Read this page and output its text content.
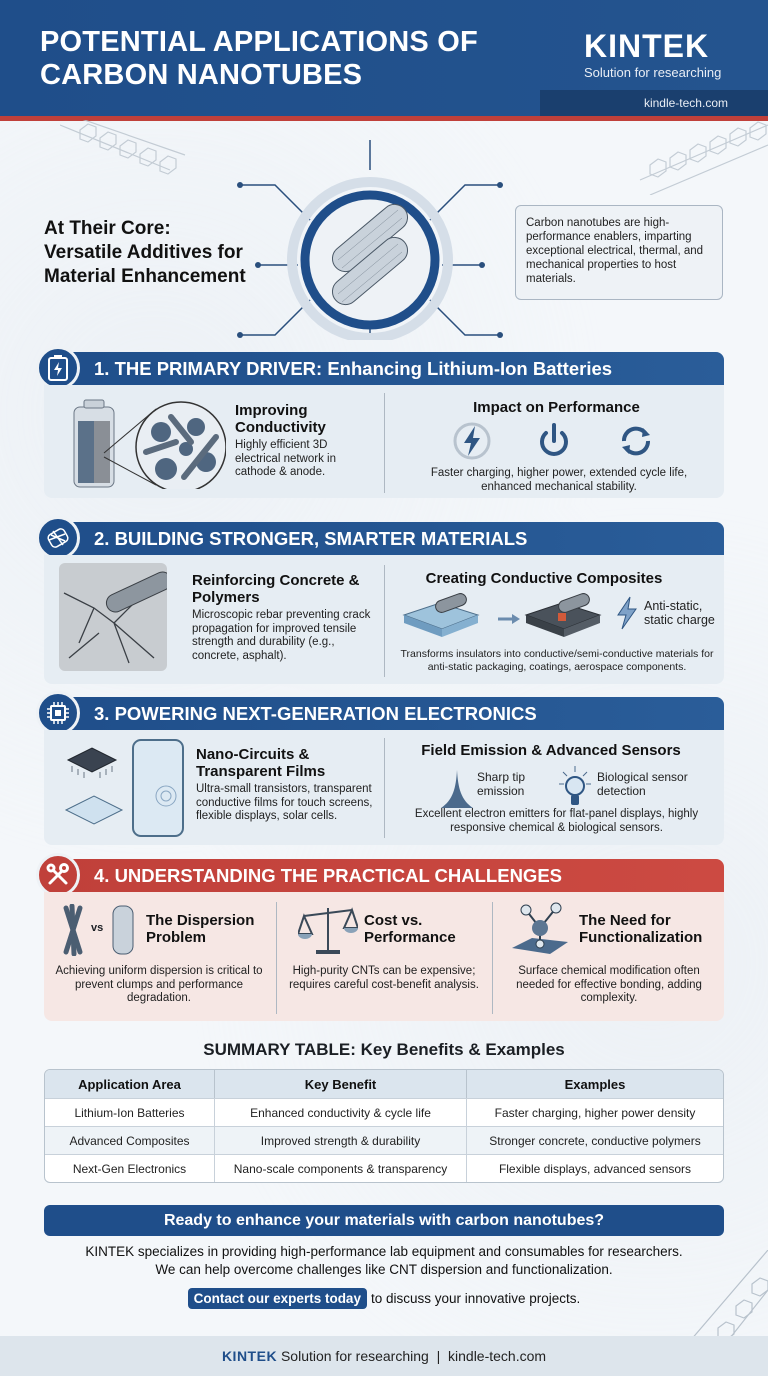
POTENTIAL APPLICATIONS OF
CARBON NANOTUBES
KINTEK
Solution for researching
kindle-tech.com
At Their Core:
Versatile Additives for
Material Enhancement
Carbon nanotubes are high-performance enablers, imparting exceptional electrical, thermal, and mechanical properties to host materials.
1. THE PRIMARY DRIVER: Enhancing Lithium-Ion Batteries
Improving Conductivity
Highly efficient 3D electrical network in cathode & anode.
Impact on Performance
Faster charging, higher power, extended cycle life, enhanced mechanical stability.
2. BUILDING STRONGER, SMARTER MATERIALS
Reinforcing Concrete & Polymers
Microscopic rebar preventing crack propagation for improved tensile strength and durability (e.g., concrete, asphalt).
Creating Conductive Composites
Anti-static, static charge
Transforms insulators into conductive/semi-conductive materials for anti-static packaging, coatings, aerospace components.
3. POWERING NEXT-GENERATION ELECTRONICS
Nano-Circuits & Transparent Films
Ultra-small transistors, transparent conductive films for touch screens, flexible displays, solar cells.
Field Emission & Advanced Sensors
Sharp tip emission
Biological sensor detection
Excellent electron emitters for flat-panel displays, highly responsive chemical & biological sensors.
4. UNDERSTANDING THE PRACTICAL CHALLENGES
vs	The Dispersion Problem
Achieving uniform dispersion is critical to prevent clumps and performance degradation.
Cost vs. Performance
High-purity CNTs can be expensive; requires careful cost-benefit analysis.
The Need for Functionalization
Surface chemical modification often needed for effective bonding, adding complexity.
SUMMARY TABLE: Key Benefits & Examples
Application Area	Key Benefit	Examples
Lithium-Ion Batteries	Enhanced conductivity & cycle life	Faster charging, higher power density
Advanced Composites	Improved strength & durability	Stronger concrete, conductive polymers
Next-Gen Electronics	Nano-scale components & transparency	Flexible displays, advanced sensors
Ready to enhance your materials with carbon nanotubes?
KINTEK specializes in providing high-performance lab equipment and consumables for researchers.
We can help overcome challenges like CNT dispersion and functionalization.
Contact our experts today to discuss your innovative projects.
KINTEK Solution for researching  |  kindle-tech.com
